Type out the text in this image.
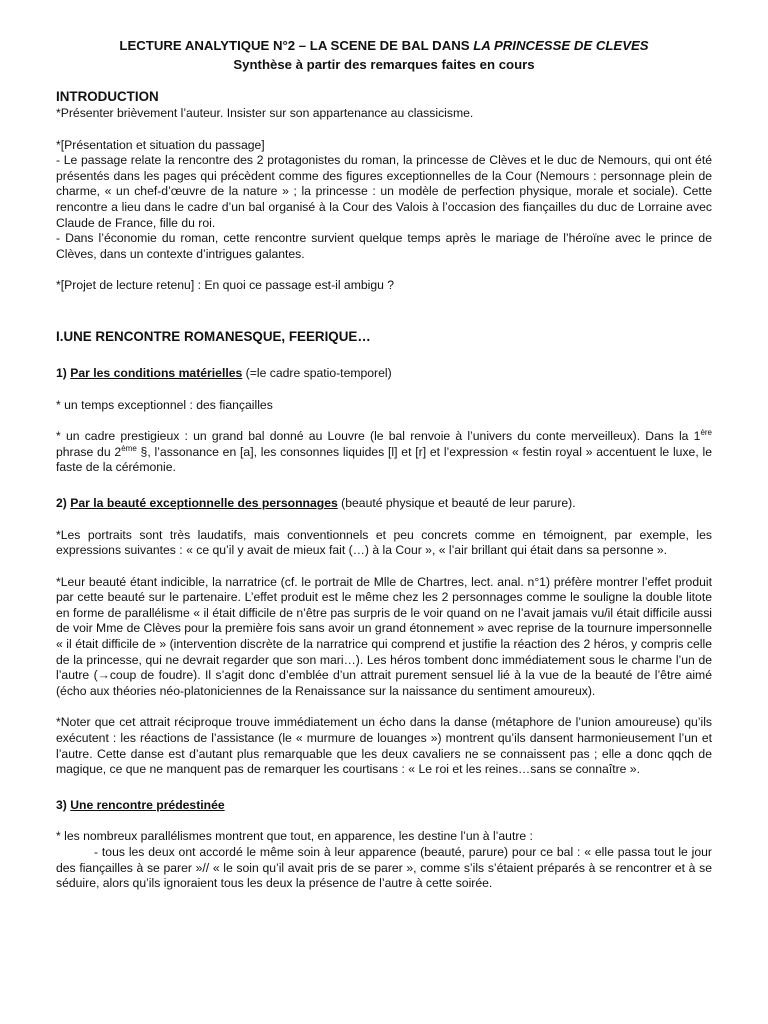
LECTURE ANALYTIQUE N°2 – LA SCENE DE BAL DANS LA PRINCESSE DE CLEVES
Synthèse à partir des remarques faites en cours
INTRODUCTION

*Présenter brièvement l’auteur. Insister sur son appartenance au classicisme.

*[Présentation et situation du passage]

- Le passage relate la rencontre des 2 protagonistes du roman, la princesse de Clèves et le duc de Nemours, qui ont été présentés dans les pages qui précèdent comme des figures exceptionnelles de la Cour (Nemours : personnage plein de charme, « un chef-d’œuvre de la nature » ; la princesse : un modèle de perfection physique, morale et sociale). Cette rencontre a lieu dans le cadre d’un bal organisé à la Cour des Valois à l’occasion des fiançailles du duc de Lorraine avec Claude de France, fille du roi.

- Dans l’économie du roman, cette rencontre survient quelque temps après le mariage de l’héroïne avec le prince de Clèves, dans un contexte d’intrigues galantes.

*[Projet de lecture retenu] : En quoi ce passage est-il ambigu ?

I.UNE RENCONTRE ROMANESQUE, FEERIQUE…

1) Par les conditions matérielles (=le cadre spatio-temporel)

* un temps exceptionnel : des fiançailles

* un cadre prestigieux : un grand bal donné au Louvre (le bal renvoie à l’univers du conte merveilleux). Dans la 1ère phrase du 2ème §, l’assonance en [a], les consonnes liquides [l] et [r] et l’expression « festin royal » accentuent le luxe, le faste de la cérémonie.

2) Par la beauté exceptionnelle des personnages (beauté physique et beauté de leur parure).

*Les portraits sont très laudatifs, mais conventionnels et peu concrets comme en témoignent, par exemple, les expressions suivantes : « ce qu’il y avait de mieux fait (…) à la Cour », « l’air brillant qui était dans sa personne ».

*Leur beauté étant indicible, la narratrice (cf. le portrait de Mlle de Chartres, lect. anal. n°1) préfère montrer l’effet produit par cette beauté sur le partenaire. L’effet produit est le même chez les 2 personnages comme le souligne la double litote en forme de parallélisme « il était difficile de n’être pas surpris de le voir quand on ne l’avait jamais vu/il était difficile aussi de voir Mme de Clèves pour la première fois sans avoir un grand étonnement » avec reprise de la tournure impersonnelle « il était difficile de » (intervention discrète de la narratrice qui comprend et justifie la réaction des 2 héros, y compris celle de la princesse, qui ne devrait regarder que son mari…). Les héros tombent donc immédiatement sous le charme l’un de l’autre (→coup de foudre). Il s’agit donc d’emblée d’un attrait purement sensuel lié à la vue de la beauté de l’être aimé (écho aux théories néo-platoniciennes de la Renaissance sur la naissance du sentiment amoureux).

*Noter que cet attrait réciproque trouve immédiatement un écho dans la danse (métaphore de l’union amoureuse) qu’ils exécutent : les réactions de l’assistance (le « murmure de louanges ») montrent qu’ils dansent harmonieusement l’un et l’autre. Cette danse est d’autant plus remarquable que les deux cavaliers ne se connaissent pas ; elle a donc qqch de magique, ce que ne manquent pas de remarquer les courtisans : « Le roi et les reines…sans se connaître ».

3) Une rencontre prédestinée

* les nombreux parallélismes montrent que tout, en apparence, les destine l’un à l’autre :

- tous les deux ont accordé le même soin à leur apparence (beauté, parure) pour ce bal : « elle passa tout le jour des fiançailles à se parer »// « le soin qu’il avait pris de se parer », comme s’ils s’étaient préparés à se rencontrer et à se séduire, alors qu’ils ignoraient tous les deux la présence de l’autre à cette soirée.
